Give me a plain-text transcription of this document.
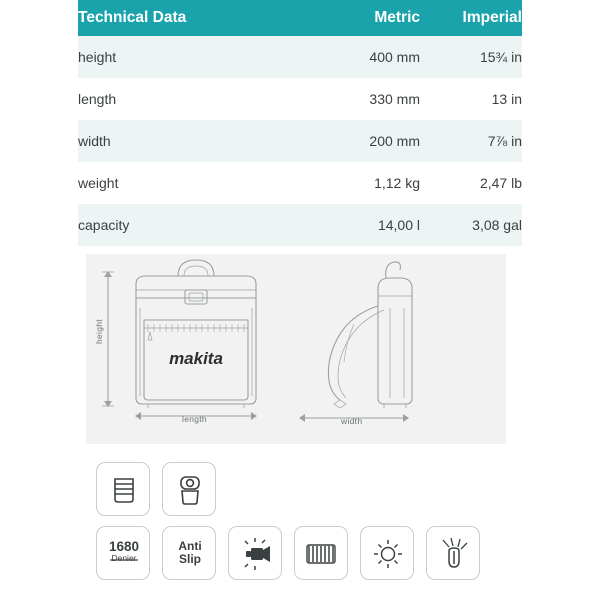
Technical Data	Metric	Imperial
height	400 mm	15¾ in
length	330 mm	13 in
width	200 mm	7⅞ in
weight	1,12 kg	2,47 lb
capacity	14,00 l	3,08 gal
makita
height
length	width
1680
Denier
Anti
Slip
